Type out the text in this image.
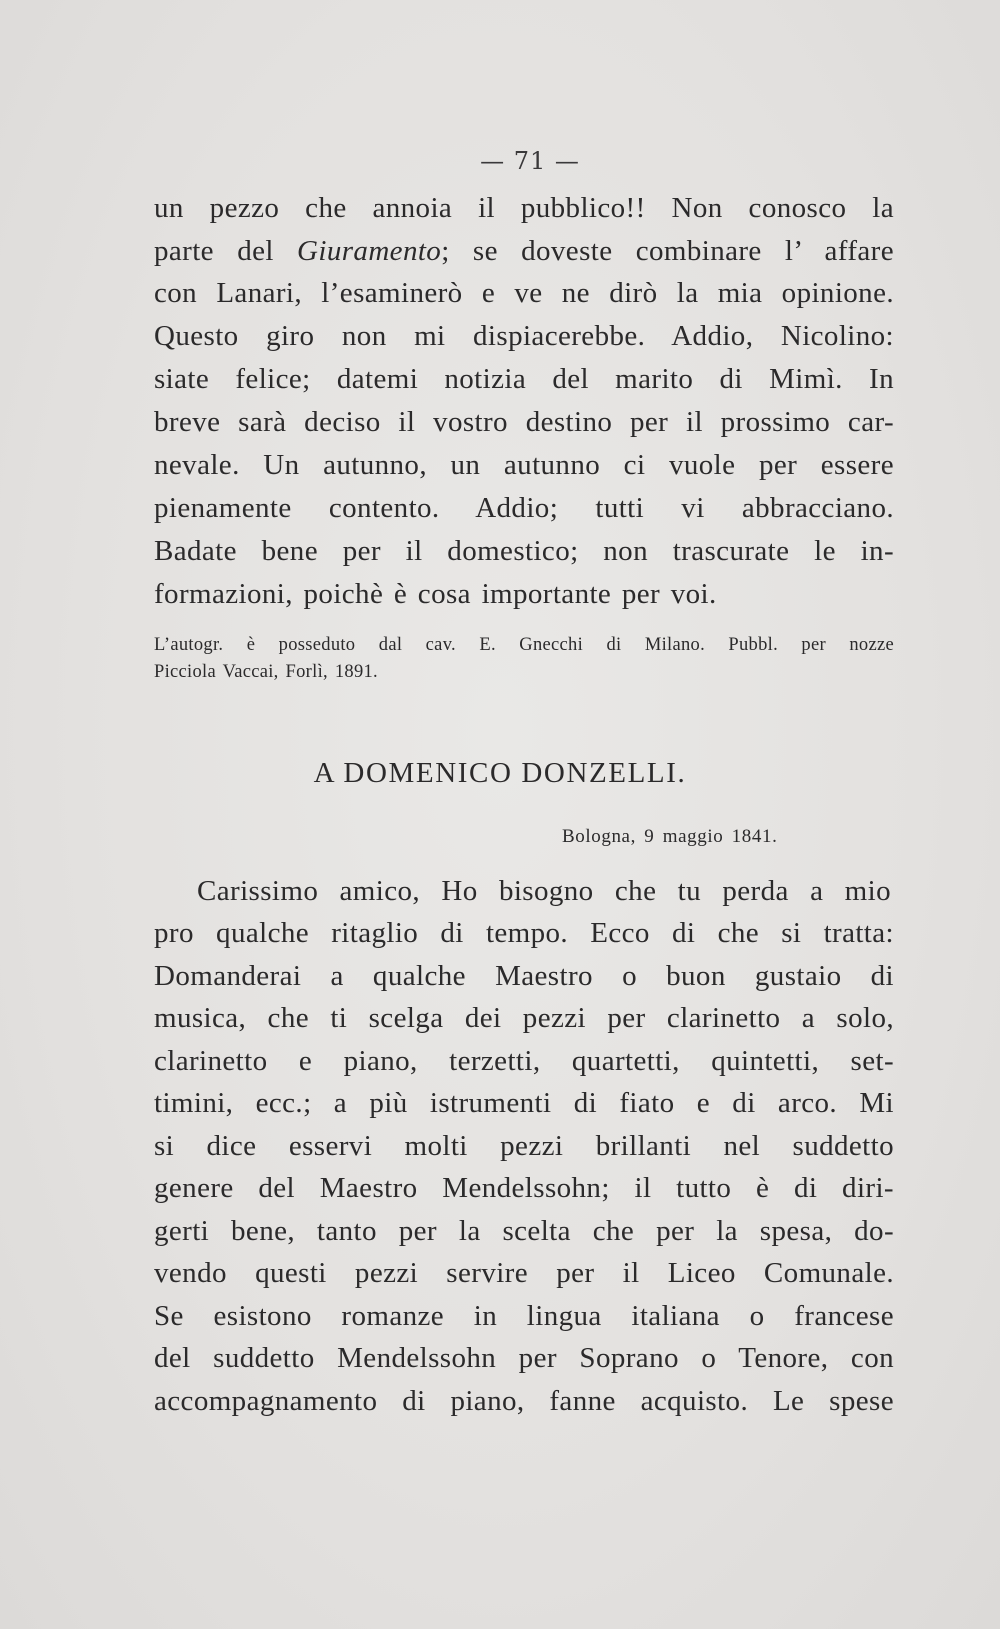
— 71 —
un pezzo che annoia il pubblico!! Non conosco la
parte del Giuramento; se doveste combinare l’ affare
con Lanari, l’esaminerò e ve ne dirò la mia opinione.
Questo giro non mi dispiacerebbe. Addio, Nicolino:
siate felice; datemi notizia del marito di Mimì. In
breve sarà deciso il vostro destino per il prossimo car-
nevale. Un autunno, un autunno ci vuole per essere
pienamente contento. Addio; tutti vi abbracciano.
Badate bene per il domestico; non trascurate le in-
formazioni, poichè è cosa importante per voi.
L’autogr. è posseduto dal cav. E. Gnecchi di Milano. Pubbl. per nozze
Picciola Vaccai, Forlì, 1891.
A DOMENICO DONZELLI.
Bologna, 9 maggio 1841.
Carissimo amico, Ho bisogno che tu perda a mio
pro qualche ritaglio di tempo. Ecco di che si tratta:
Domanderai a qualche Maestro o buon gustaio di
musica, che ti scelga dei pezzi per clarinetto a solo,
clarinetto e piano, terzetti, quartetti, quintetti, set-
timini, ecc.; a più istrumenti di fiato e di arco. Mi
si dice esservi molti pezzi brillanti nel suddetto
genere del Maestro Mendelssohn; il tutto è di diri-
gerti bene, tanto per la scelta che per la spesa, do-
vendo questi pezzi servire per il Liceo Comunale.
Se esistono romanze in lingua italiana o francese
del suddetto Mendelssohn per Soprano o Tenore, con
accompagnamento di piano, fanne acquisto. Le spese
